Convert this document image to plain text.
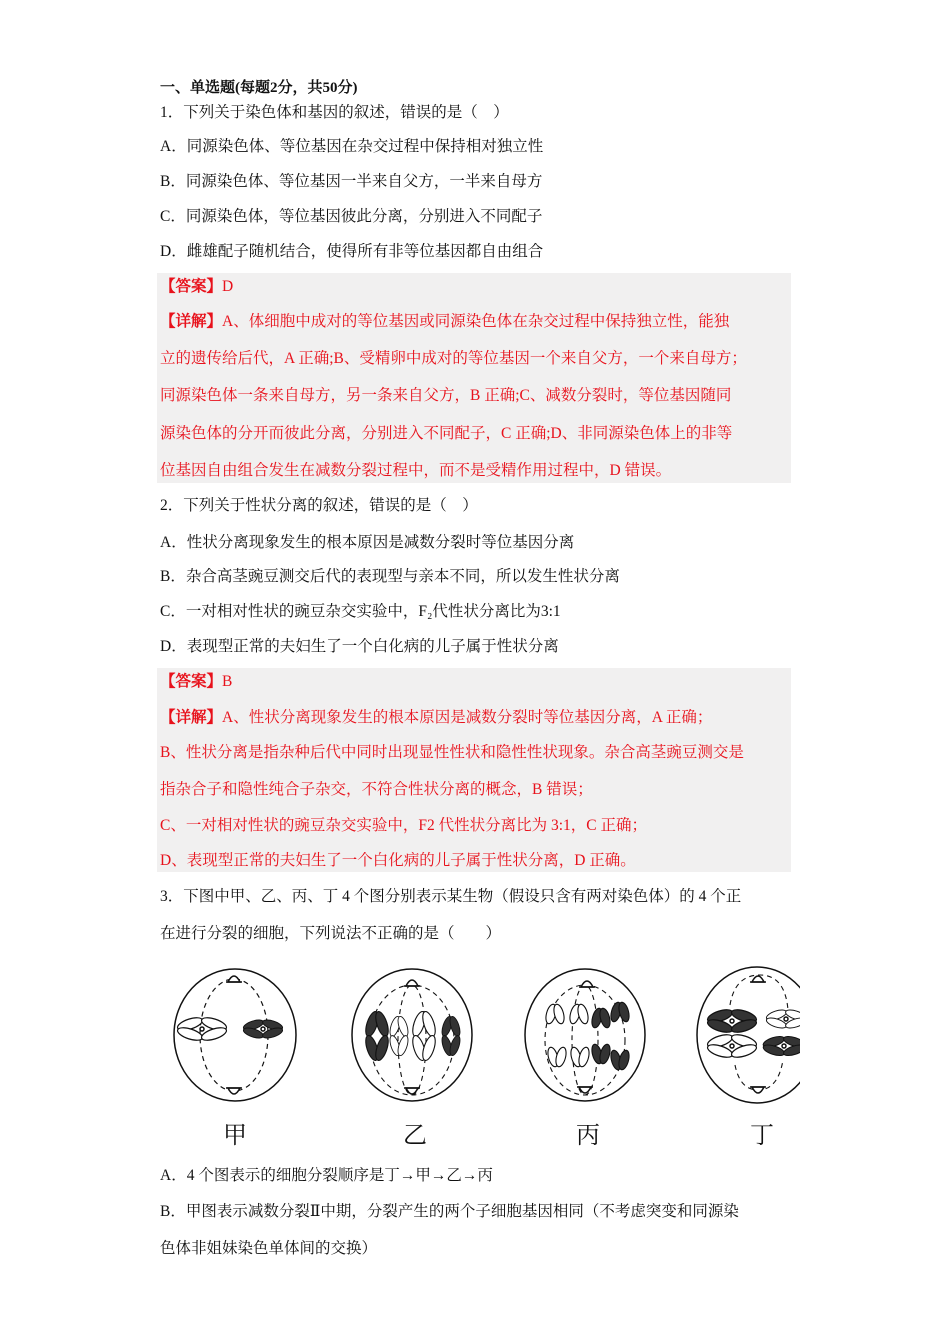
一、单选题(每题2分，共50分)
1．下列关于染色体和基因的叙述，错误的是（　）
A．同源染色体、等位基因在杂交过程中保持相对独立性
B．同源染色体、等位基因一半来自父方，一半来自母方
C．同源染色体，等位基因彼此分离，分别进入不同配子
D．雌雄配子随机结合，使得所有非等位基因都自由组合
【答案】D
【详解】A、体细胞中成对的等位基因或同源染色体在杂交过程中保持独立性，能独
立的遗传给后代，A 正确;B、受精卵中成对的等位基因一个来自父方，一个来自母方；
同源染色体一条来自母方，另一条来自父方，B 正确;C、减数分裂时，等位基因随同
源染色体的分开而彼此分离，分别进入不同配子，C 正确;D、非同源染色体上的非等
位基因自由组合发生在减数分裂过程中，而不是受精作用过程中，D 错误。
2．下列关于性状分离的叙述，错误的是（　）
A．性状分离现象发生的根本原因是减数分裂时等位基因分离
B．杂合高茎豌豆测交后代的表现型与亲本不同，所以发生性状分离
C．一对相对性状的豌豆杂交实验中，F₂代性状分离比为3:1
D．表现型正常的夫妇生了一个白化病的儿子属于性状分离
【答案】B
【详解】A、性状分离现象发生的根本原因是减数分裂时等位基因分离，A 正确；
B、性状分离是指杂种后代中同时出现显性性状和隐性性状现象。杂合高茎豌豆测交是
指杂合子和隐性纯合子杂交，不符合性状分离的概念，B 错误；
C、一对相对性状的豌豆杂交实验中，F2 代性状分离比为 3:1，C 正确；
D、表现型正常的夫妇生了一个白化病的儿子属于性状分离，D 正确。
3．下图中甲、乙、丙、丁 4 个图分别表示某生物（假设只含有两对染色体）的 4 个正
在进行分裂的细胞，下列说法不正确的是（　　）
甲	乙	丙	丁
A．4 个图表示的细胞分裂顺序是丁→甲→乙→丙
B．甲图表示减数分裂Ⅱ中期，分裂产生的两个子细胞基因相同（不考虑突变和同源染
色体非姐妹染色单体间的交换）
